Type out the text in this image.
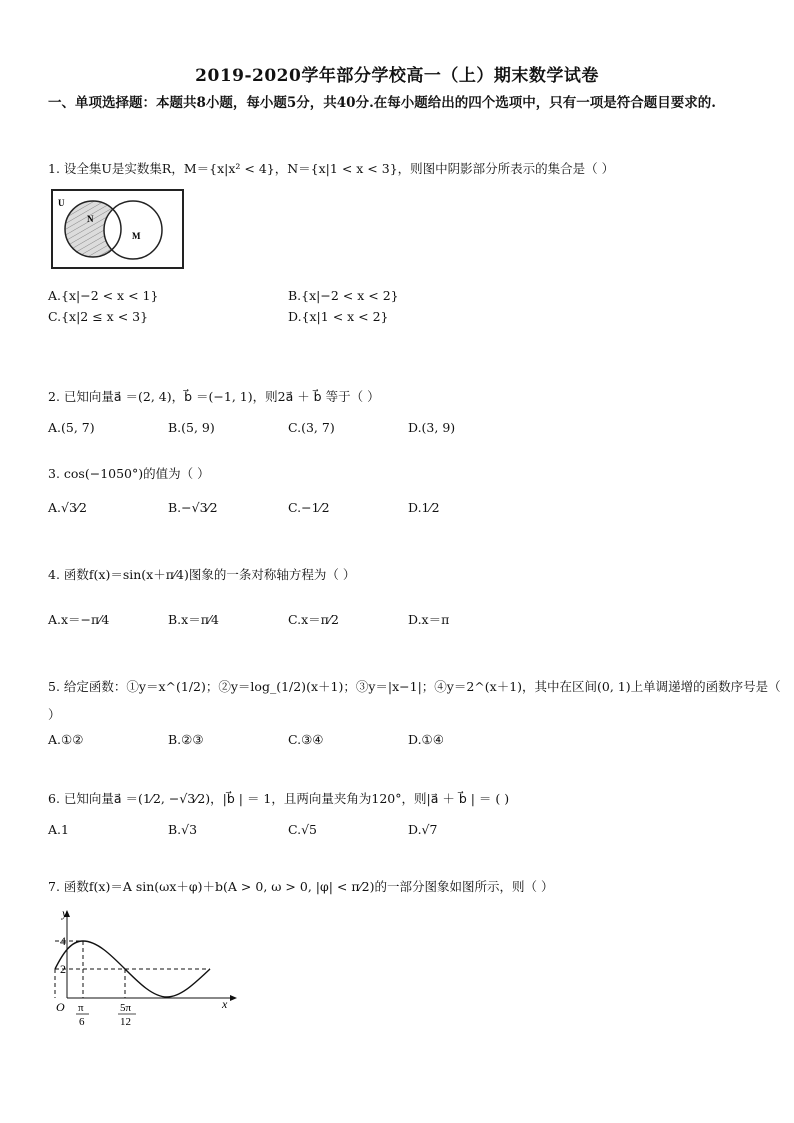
2019-2020学年部分学校高一（上）期末数学试卷
一、单项选择题：本题共8小题，每小题5分，共40分.在每小题给出的四个选项中，只有一项是符合题目要求的.
1. 设全集U是实数集R，M＝{x|x² < 4}，N＝{x|1 < x < 3}，则图中阴影部分所表示的集合是（ ）
U
N
M
A.{x|−2 < x < 1}	B.{x|−2 < x < 2}
C.{x|2 ≤ x < 3}	D.{x|1 < x < 2}
2. 已知向量a⃗ ＝(2, 4)，b⃗ ＝(−1, 1)，则2a⃗ ＋ b⃗ 等于（ ）
A.(5, 7)	B.(5, 9)	C.(3, 7)	D.(3, 9)
3. cos(−1050°)的值为（ ）
A.√3⁄2	B.−√3⁄2	C.−1⁄2	D.1⁄2
4. 函数f(x)＝sin(x＋π⁄4)图象的一条对称轴方程为（ ）
A.x＝−π⁄4	B.x＝π⁄4	C.x＝π⁄2	D.x＝π
5. 给定函数：①y＝x^(1/2)；②y＝log_(1/2)(x＋1)；③y＝|x−1|；④y＝2^(x＋1)，其中在区间(0, 1)上单调递增的函数序号是（
）
A.①②	B.②③	C.③④	D.①④
6. 已知向量a⃗ ＝(1⁄2, −√3⁄2)，|b⃗ | ＝ 1，且两向量夹角为120°，则|a⃗ ＋ b⃗ | ＝ ( )
A.1	B.√3	C.√5	D.√7
7. 函数f(x)＝A sin(ωx＋φ)＋b(A > 0, ω > 0, |φ| < π⁄2)的一部分图象如图所示，则（ ）
y
x
O
4
2
π
6
5π
12
